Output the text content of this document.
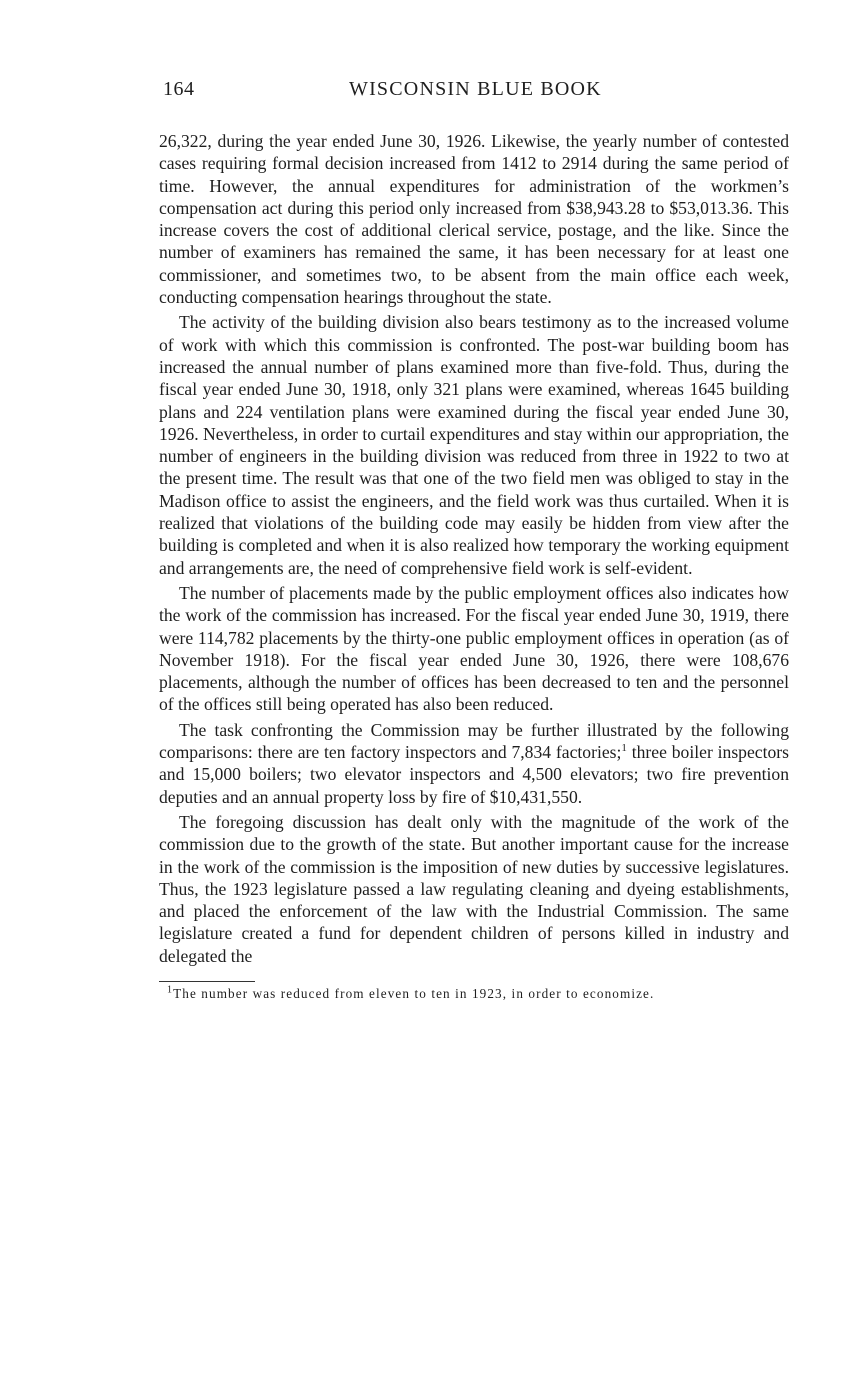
164	WISCONSIN BLUE BOOK

26,322, during the year ended June 30, 1926. Likewise, the yearly number of contested cases requiring formal decision increased from 1412 to 2914 during the same period of time. However, the annual expenditures for administration of the workmen’s compensation act during this period only increased from $38,943.28 to $53,013.36. This increase covers the cost of additional clerical service, postage, and the like. Since the number of examiners has remained the same, it has been necessary for at least one commissioner, and sometimes two, to be absent from the main office each week, conducting compensation hearings throughout the state.

The activity of the building division also bears testimony as to the increased volume of work with which this commission is confronted. The post-war building boom has increased the annual number of plans examined more than five-fold. Thus, during the fiscal year ended June 30, 1918, only 321 plans were examined, whereas 1645 building plans and 224 ventilation plans were examined during the fiscal year ended June 30, 1926. Nevertheless, in order to curtail expenditures and stay within our appropriation, the number of engineers in the building division was reduced from three in 1922 to two at the present time. The result was that one of the two field men was obliged to stay in the Madison office to assist the engineers, and the field work was thus curtailed. When it is realized that violations of the building code may easily be hidden from view after the building is completed and when it is also realized how temporary the working equipment and arrangements are, the need of comprehensive field work is self-evident.

The number of placements made by the public employment offices also indicates how the work of the commission has increased. For the fiscal year ended June 30, 1919, there were 114,782 placements by the thirty-one public employment offices in operation (as of November 1918). For the fiscal year ended June 30, 1926, there were 108,676 placements, although the number of offices has been decreased to ten and the personnel of the offices still being operated has also been reduced.

The task confronting the Commission may be further illustrated by the following comparisons: there are ten factory inspectors and 7,834 factories;$^1$ three boiler inspectors and 15,000 boilers; two elevator inspectors and 4,500 elevators; two fire prevention deputies and an annual property loss by fire of $10,431,550.

The foregoing discussion has dealt only with the magnitude of the work of the commission due to the growth of the state. But another important cause for the increase in the work of the commission is the imposition of new duties by successive legislatures. Thus, the 1923 legislature passed a law regulating cleaning and dyeing establishments, and placed the enforcement of the law with the Industrial Commission. The same legislature created a fund for dependent children of persons killed in industry and delegated the

$^1$The number was reduced from eleven to ten in 1923, in order to economize.
